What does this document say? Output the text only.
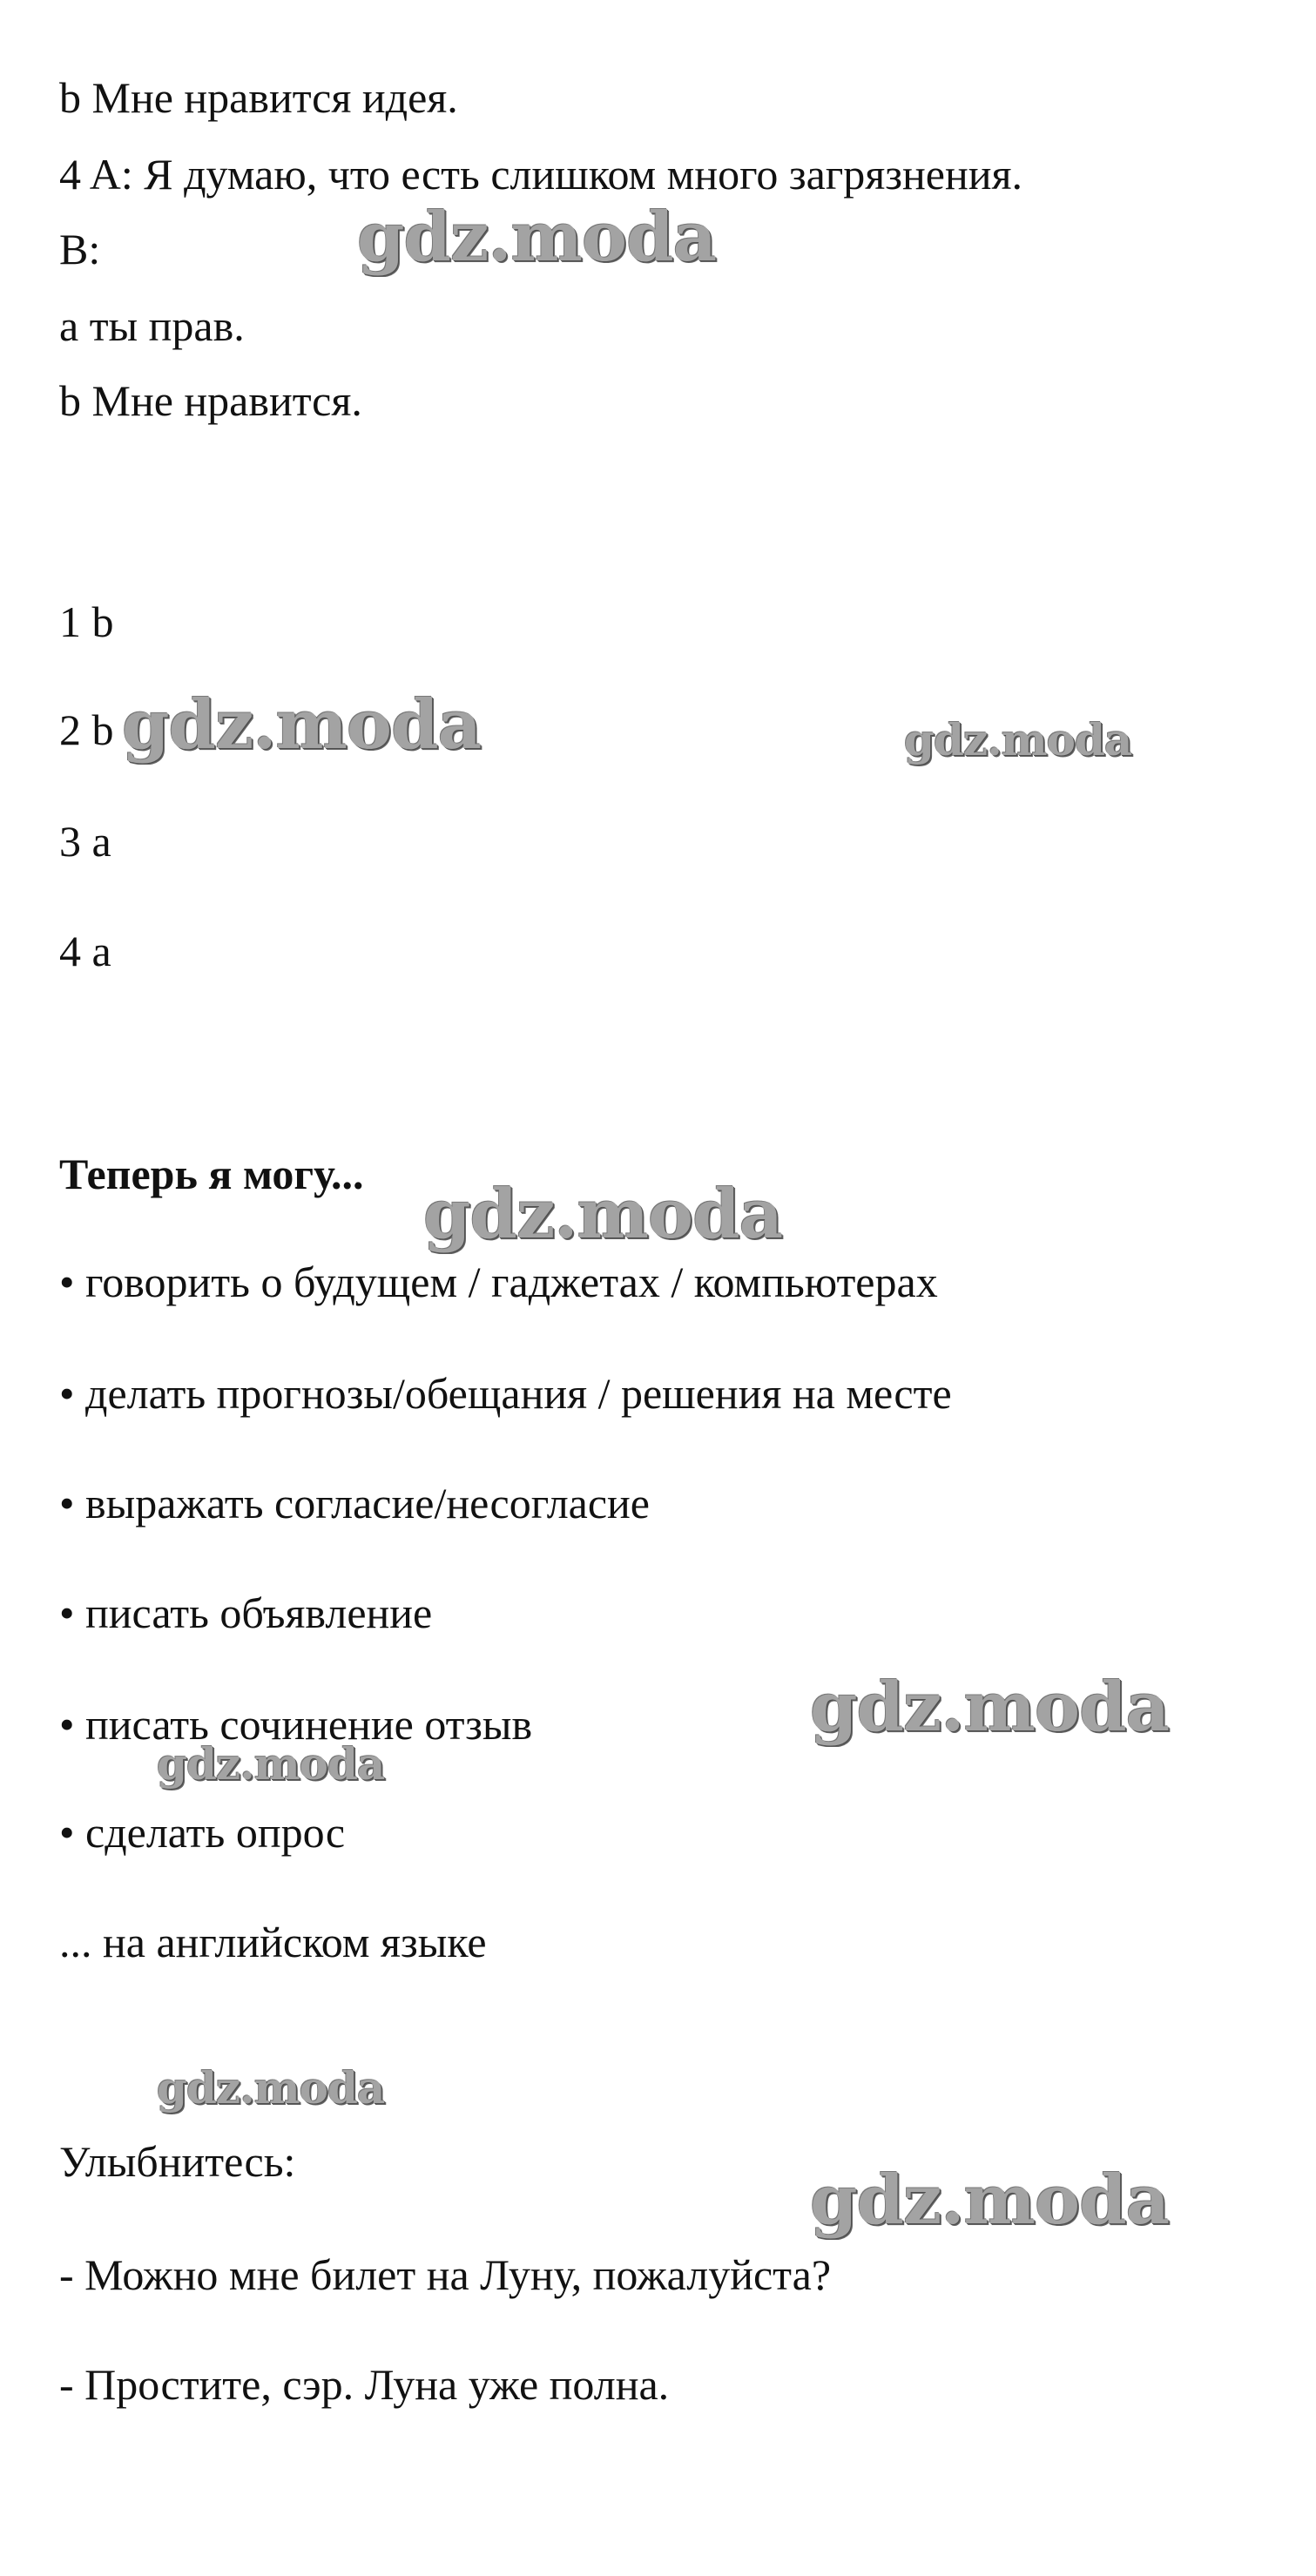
b Мне нравится идея.
4 A: Я думаю, что есть слишком много загрязнения.
B:
a ты прав.
b Мне нравится.
1 b
2 b
3 a
4 a
Теперь я могу...
• говорить о будущем / гаджетах / компьютерах
• делать прогнозы/обещания / решения на месте
• выражать согласие/несогласие
• писать объявление
• писать сочинение отзыв
• сделать опрос
... на английском языке
Улыбнитесь:
- Можно мне билет на Луну, пожалуйста?
- Простите, сэр. Луна уже полна.
gdz.moda
gdz.moda	gdz.moda
gdz.moda
gdz.moda
gdz.moda
gdz.moda
gdz.moda
